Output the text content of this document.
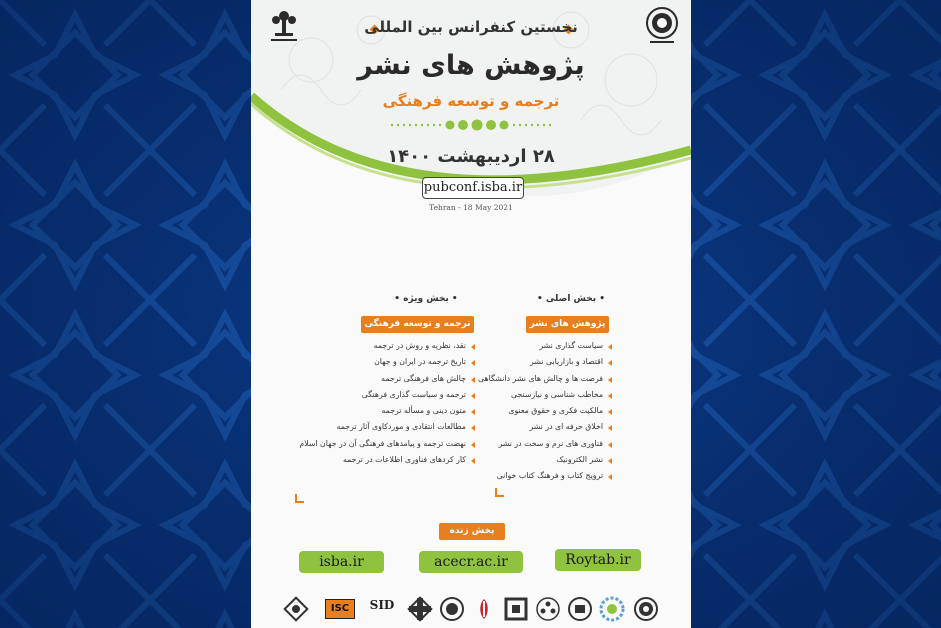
نخستین کنفرانس بین المللی
پژوهش های نشر
ترجمه و توسعه فرهنگی
۲۸ اردیبهشت ۱۴۰۰
pubconf.isba.ir
Tehran - 18 May 2021
• بخش اصلی •
پژوهش های نشر
سیاست گذاری نشر
اقتصاد و بازاریابی نشر
فرصت ها و چالش های نشر دانشگاهی
مخاطب شناسی و نیازسنجی
مالکیت فکری و حقوق معنوی
اخلاق حرفه ای در نشر
فناوری های نرم و سخت در نشر
نشر الکترونیک
ترویج کتاب و فرهنگ کتاب خوانی
• بخش ویژه •
ترجمه و توسعه فرهنگی
نقد، نظریه و روش در ترجمه
تاریخ ترجمه در ایران و جهان
چالش های فرهنگی ترجمه
ترجمه و سیاست گذاری فرهنگی
متون دینی و مسأله ترجمه
مطالعات انتقادی و موردکاوی آثار ترجمه
نهضت ترجمه و پیامدهای فرهنگی آن در جهان اسلام
کار کردهای فناوری اطلاعات در ترجمه
پخش زنده
Roytab.ir
acecr.ac.ir
isba.ir
ISC	SID
